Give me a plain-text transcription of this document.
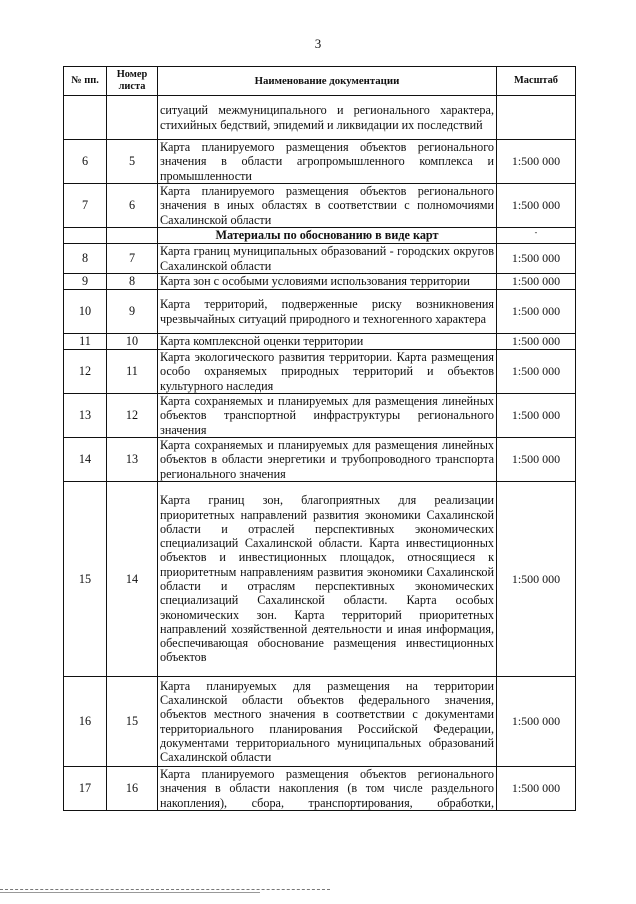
3
№ пп.	Номер листа	Наименование документации	Масштаб
		ситуаций межмуниципального и регионального характера, стихийных бедствий, эпидемий и ликвидации их последствий	
6	5	Карта планируемого размещения объектов регионального значения в области агропромышленного комплекса и промышленности	1:500 000
7	6	Карта планируемого размещения объектов регионального значения в иных областях в соответствии с полномочиями Сахалинской области	1:500 000
		Материалы по обоснованию в виде карт	-
8	7	Карта границ муниципальных образований - городских округов Сахалинской области	1:500 000
9	8	Карта зон с особыми условиями использования территории	1:500 000
10	9	Карта территорий, подверженные риску возникновения чрезвычайных ситуаций природного и техногенного характера	1:500 000
11	10	Карта комплексной оценки территории	1:500 000
12	11	Карта экологического развития территории. Карта размещения особо охраняемых природных территорий и объектов культурного наследия	1:500 000
13	12	Карта сохраняемых и планируемых для размещения линейных объектов транспортной инфраструктуры регионального значения	1:500 000
14	13	Карта сохраняемых и планируемых для размещения линейных объектов в области энергетики и трубопроводного транспорта регионального значения	1:500 000
15	14	Карта границ зон, благоприятных для реализации приоритетных направлений развития экономики Сахалинской области и отраслей перспективных экономических специализаций Сахалинской области. Карта инвестиционных объектов и инвестиционных площадок, относящиеся к приоритетным направлениям развития экономики Сахалинской области и отраслям перспективных экономических специализаций Сахалинской области. Карта особых экономических зон. Карта территорий приоритетных направлений хозяйственной деятельности и иная информация, обеспечивающая обоснование размещения инвестиционных объектов	1:500 000
16	15	Карта планируемых для размещения на территории Сахалинской области объектов федерального значения, объектов местного значения в соответствии с документами территориального планирования Российской Федерации, документами территориального муниципальных образований Сахалинской области	1:500 000
17	16	Карта планируемого размещения объектов регионального значения в области накопления (в том числе раздельного накопления), сбора, транспортирования, обработки,	1:500 000
